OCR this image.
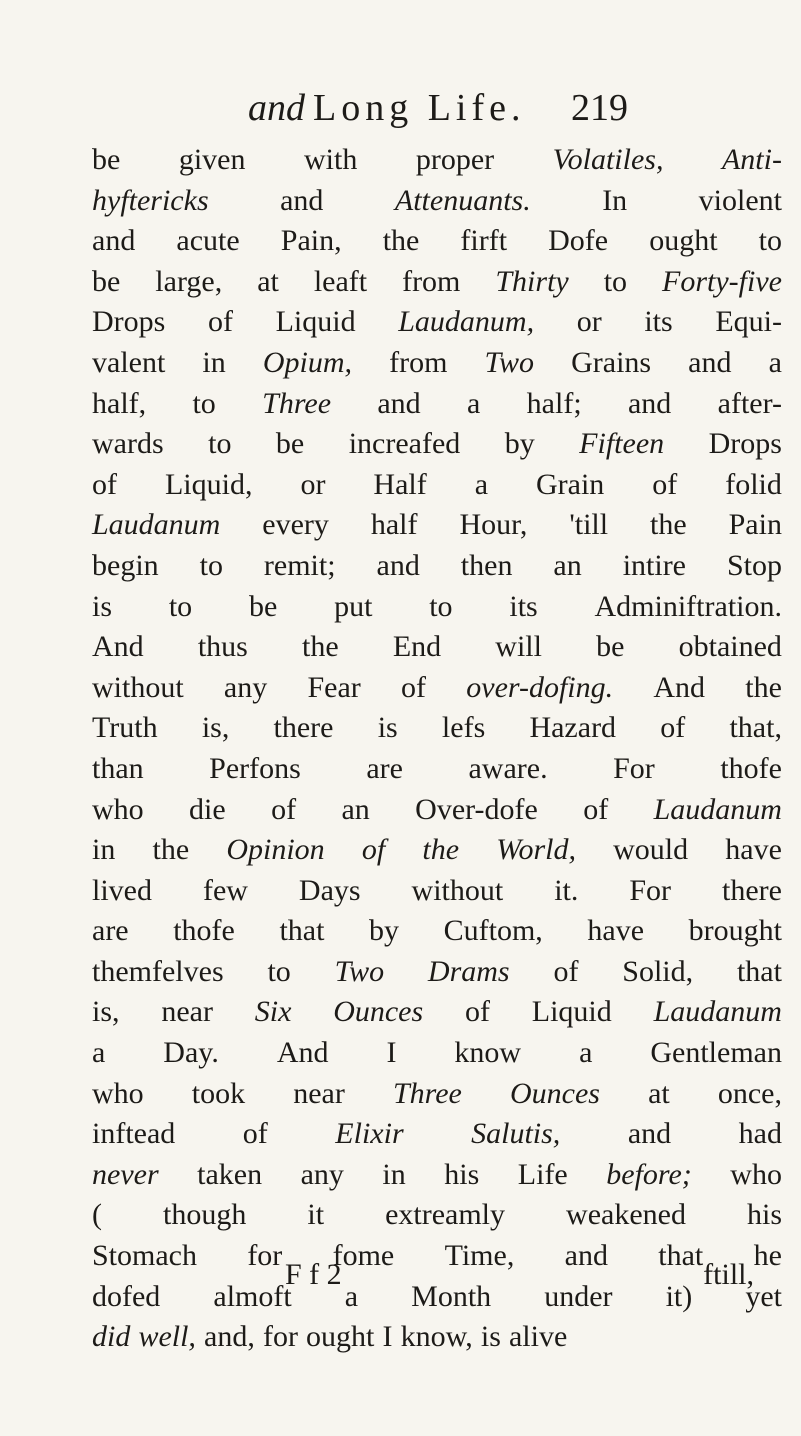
and Long Life. 219
be given with proper Volatiles, Anti-
hyftericks and Attenuants. In violent
and acute Pain, the firft Dofe ought to
be large, at leaft from Thirty to Forty-five
Drops of Liquid Laudanum, or its Equi-
valent in Opium, from Two Grains and a
half, to Three and a half; and after-
wards to be increafed by Fifteen Drops
of Liquid, or Half a Grain of folid
Laudanum every half Hour, 'till the Pain
begin to remit; and then an intire Stop
is to be put to its Adminiftration.
And thus the End will be obtained
without any Fear of over-dofing. And the
Truth is, there is lefs Hazard of that,
than Perfons are aware. For thofe
who die of an Over-dofe of Laudanum
in the Opinion of the World, would have
lived few Days without it. For there
are thofe that by Cuftom, have brought
themfelves to Two Drams of Solid, that
is, near Six Ounces of Liquid Laudanum
a Day. And I know a Gentleman
who took near Three Ounces at once,
inftead of Elixir Salutis, and had
never taken any in his Life before; who
( though it extreamly weakened his
Stomach for fome Time, and that he
dofed almoft a Month under it) yet
did well, and, for ought I know, is alive
F f 2	ftill,
